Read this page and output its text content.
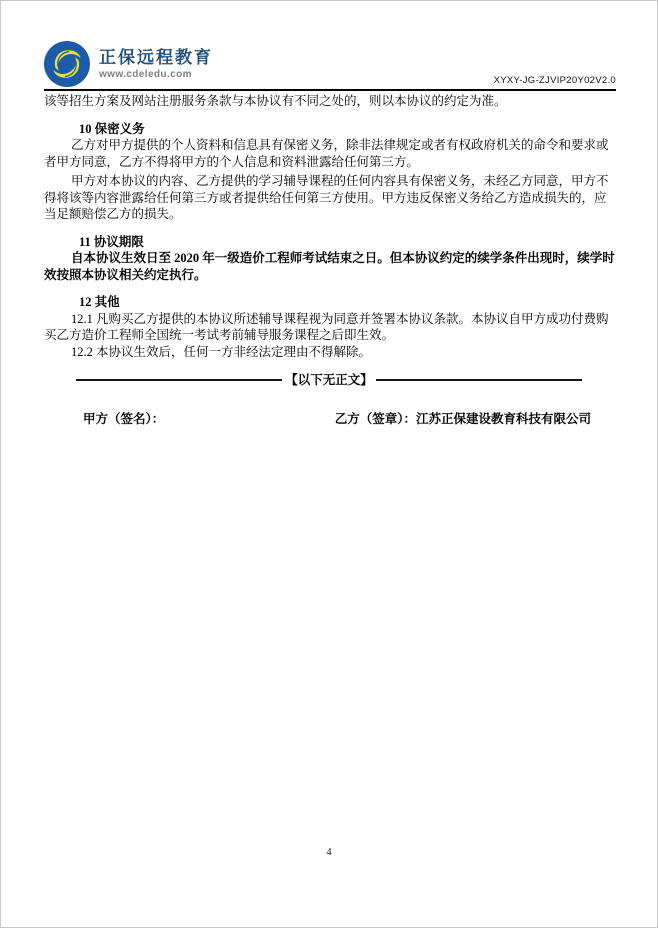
正保远程教育
www.cdeledu.com
XYXY-JG-ZJVIP20Y02V2.0

该等招生方案及网站注册服务条款与本协议有不同之处的，则以本协议的约定为准。

10 保密义务

乙方对甲方提供的个人资料和信息具有保密义务，除非法律规定或者有权政府机关的命令和要求或者甲方同意，乙方不得将甲方的个人信息和资料泄露给任何第三方。

甲方对本协议的内容、乙方提供的学习辅导课程的任何内容具有保密义务，未经乙方同意，甲方不得将该等内容泄露给任何第三方或者提供给任何第三方使用。甲方违反保密义务给乙方造成损失的，应当足额赔偿乙方的损失。

11 协议期限

自本协议生效日至 2020 年一级造价工程师考试结束之日。但本协议约定的续学条件出现时，续学时效按照本协议相关约定执行。

12 其他

12.1 凡购买乙方提供的本协议所述辅导课程视为同意并签署本协议条款。本协议自甲方成功付费购买乙方造价工程师全国统一考试考前辅导服务课程之后即生效。

12.2 本协议生效后，任何一方非经法定理由不得解除。

【以下无正文】
甲方（签名）：	乙方（签章）：江苏正保建设教育科技有限公司
4
